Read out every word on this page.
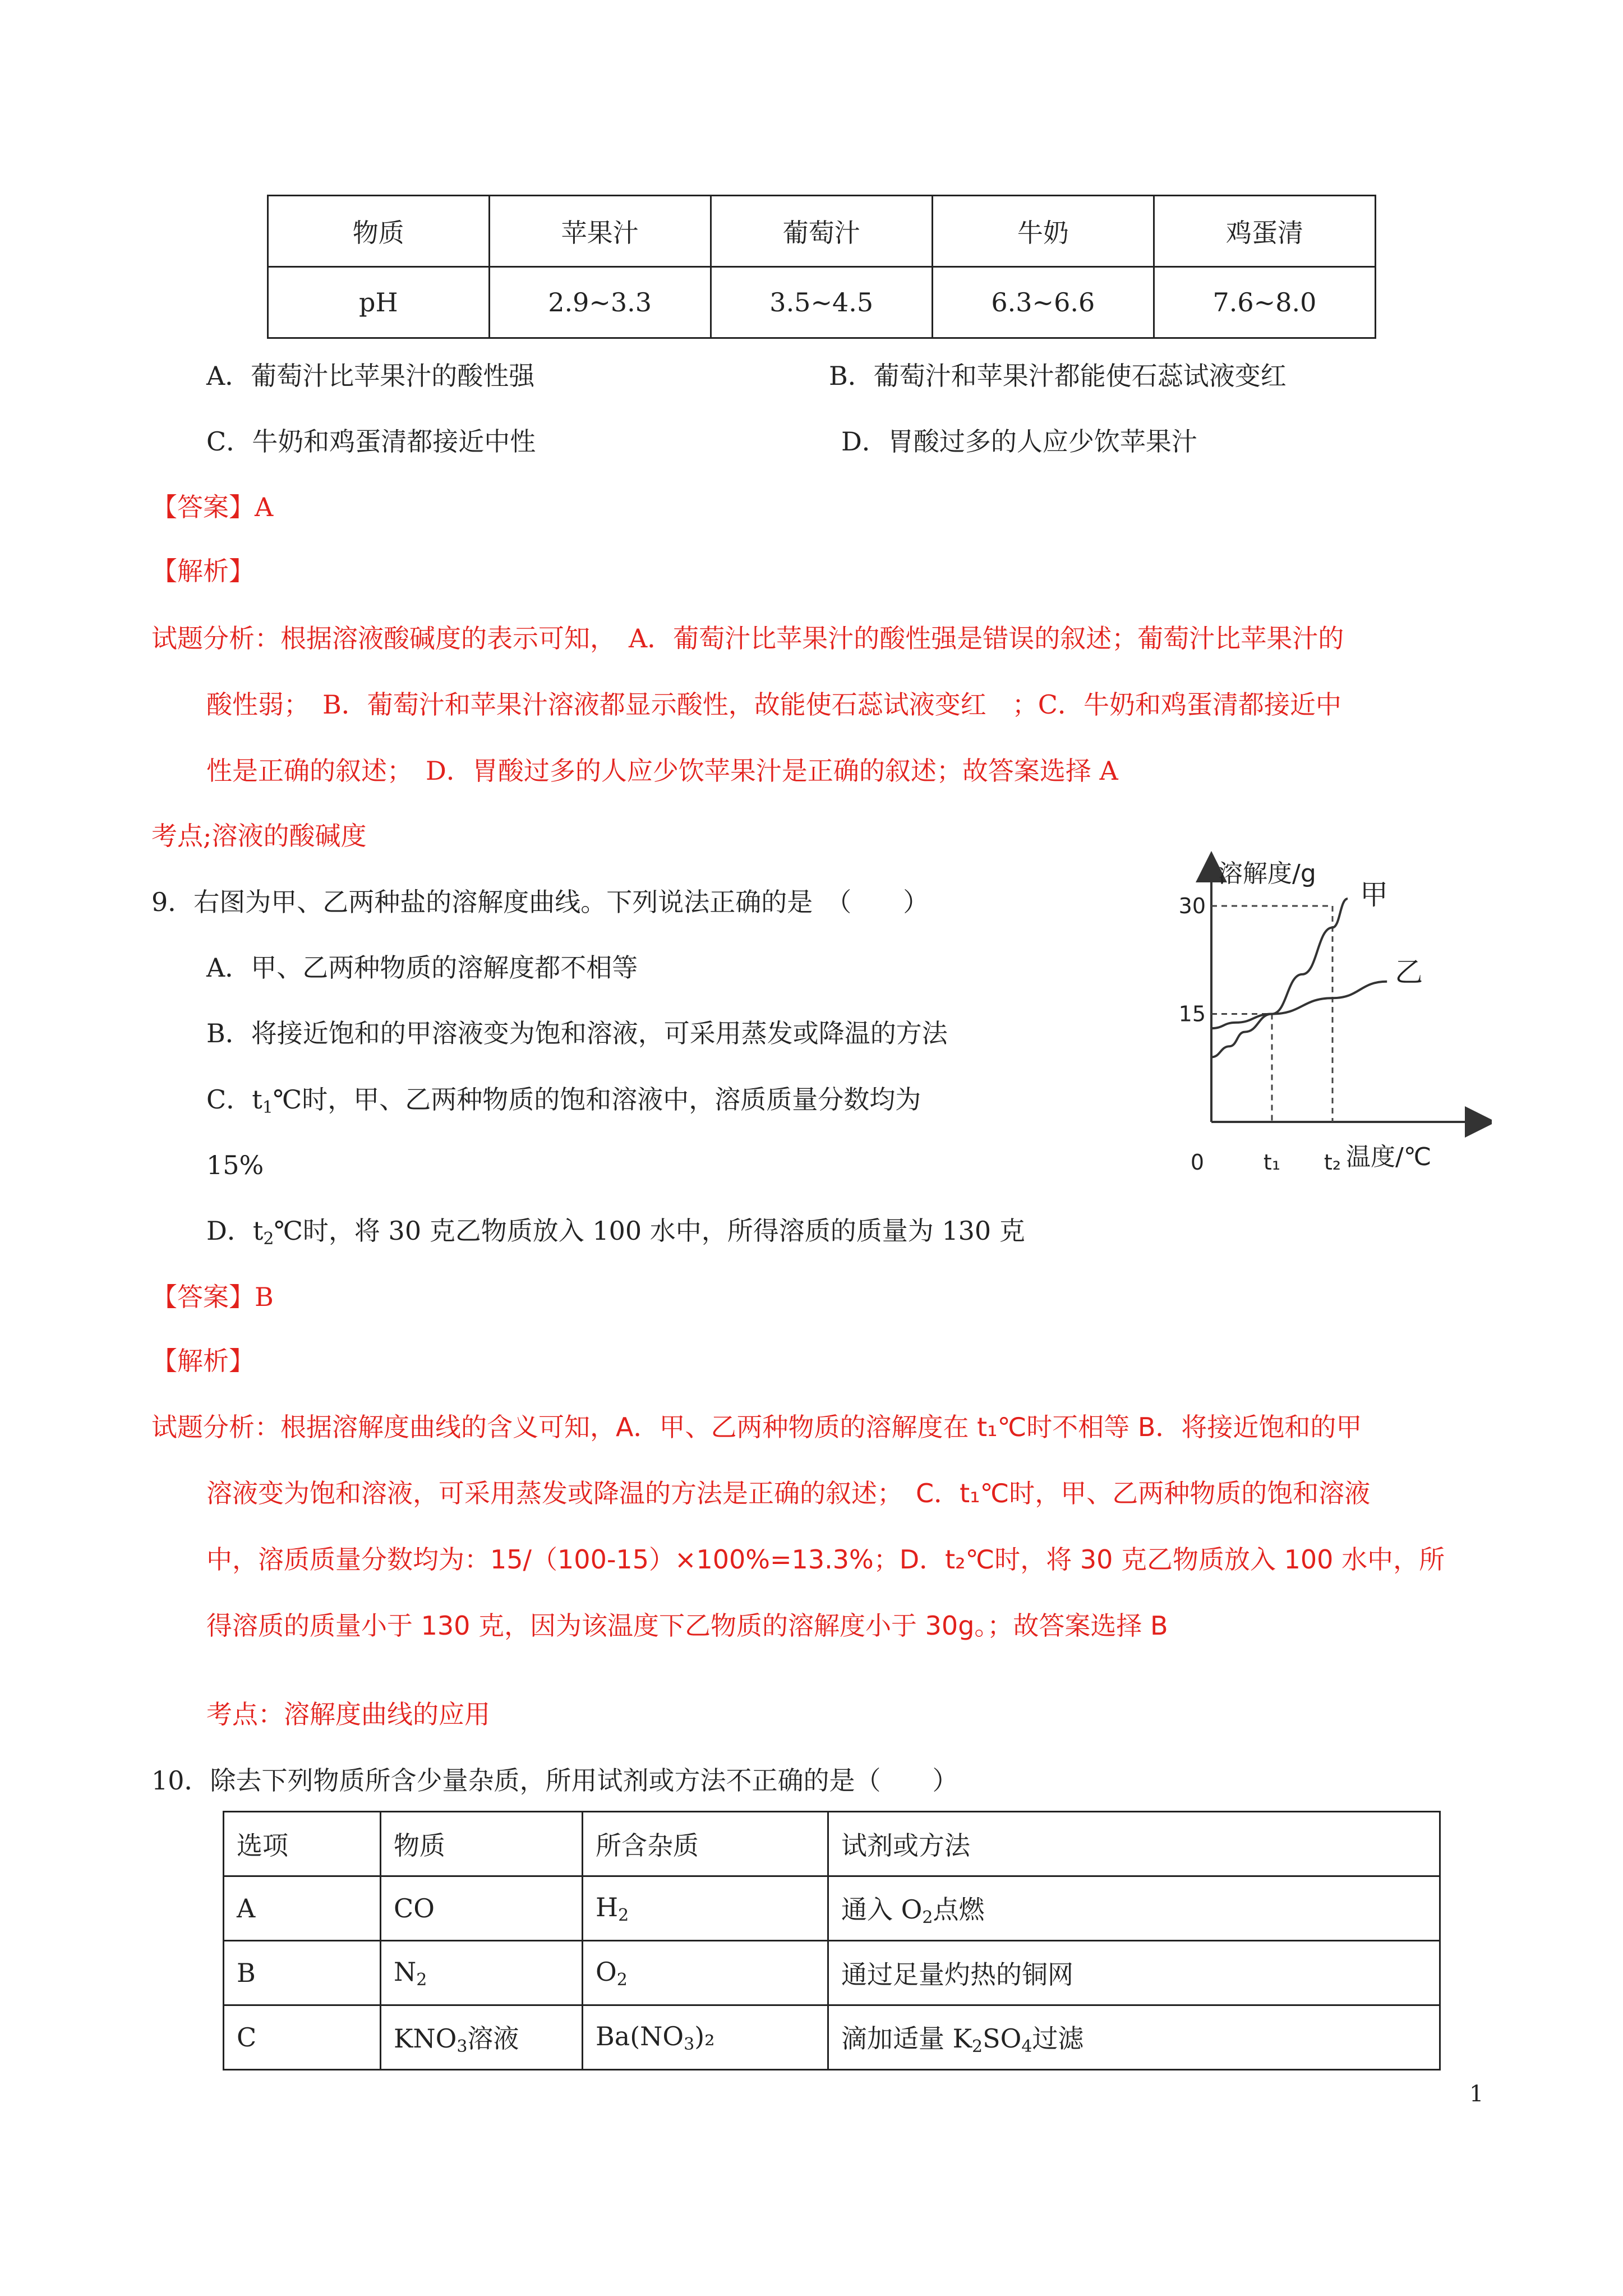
物质	苹果汁	葡萄汁	牛奶	鸡蛋清
pH	2.9~3.3	3.5~4.5	6.3~6.6	7.6~8.0
A．葡萄汁比苹果汁的酸性强	B．葡萄汁和苹果汁都能使石蕊试液变红
C．牛奶和鸡蛋清都接近中性	D．胃酸过多的人应少饮苹果汁
【答案】A
【解析】
试题分析：根据溶液酸碱度的表示可知，　A．葡萄汁比苹果汁的酸性强是错误的叙述；葡萄汁比苹果汁的
酸性弱；　B．葡萄汁和苹果汁溶液都显示酸性，故能使石蕊试液变红　；C．牛奶和鸡蛋清都接近中
性是正确的叙述；　D．胃酸过多的人应少饮苹果汁是正确的叙述；故答案选择 A
考点;溶液的酸碱度
9．右图为甲、乙两种盐的溶解度曲线。下列说法正确的是　（　　）
A．甲、乙两种物质的溶解度都不相等
B．将接近饱和的甲溶液变为饱和溶液，可采用蒸发或降温的方法
C．$t_1℃$时，甲、乙两种物质的饱和溶液中，溶质质量分数均为
15%
D．$t_2℃$时，将 30 克乙物质放入 100 水中，所得溶质的质量为 130 克
溶解度/g
温度/℃
0	t₁ t₂
15
30	甲
乙
【答案】B
【解析】
试题分析：根据溶解度曲线的含义可知，A．甲、乙两种物质的溶解度在 t₁℃时不相等 B．将接近饱和的甲
溶液变为饱和溶液，可采用蒸发或降温的方法是正确的叙述；　C．t₁℃时，甲、乙两种物质的饱和溶液
中，溶质质量分数均为：15/（100-15）×100%=13.3%；D．t₂℃时，将 30 克乙物质放入 100 水中，所
得溶质的质量小于 130 克，因为该温度下乙物质的溶解度小于 30g。；故答案选择 B
考点：溶解度曲线的应用
10．除去下列物质所含少量杂质，所用试剂或方法不正确的是（　　）
选项	物质	所含杂质	试剂或方法
A	CO	$H_2$	通入 $O_2$点燃
B	$N_2$	$O_2$	通过足量灼热的铜网
C	$KNO_3$溶液	$Ba(NO_3)_2$	滴加适量 $K_2SO_4$过滤
1
